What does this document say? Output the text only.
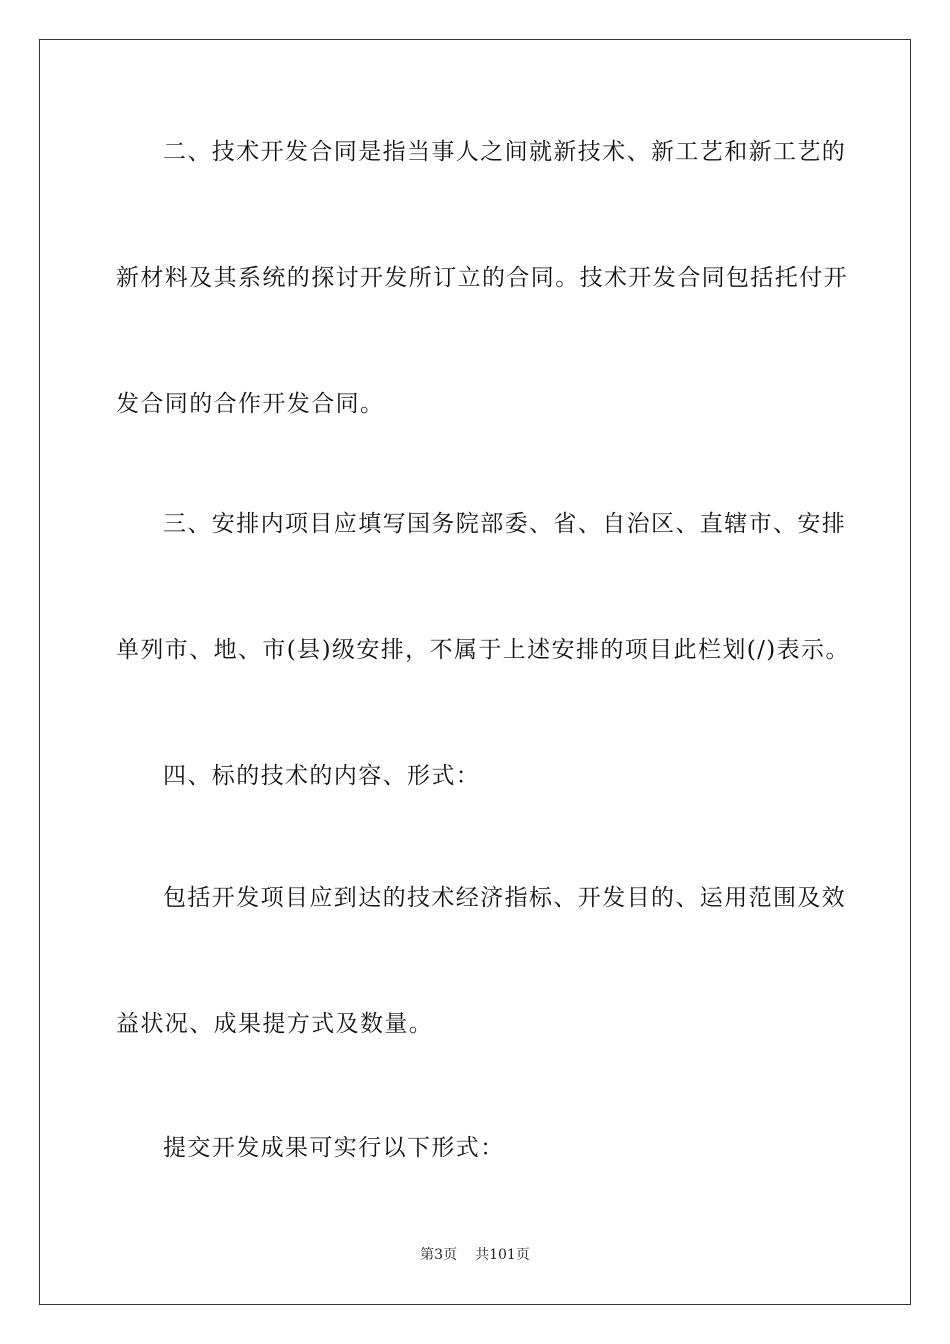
二、技术开发合同是指当事人之间就新技术、新工艺和新工艺的
新材料及其系统的探讨开发所订立的合同。技术开发合同包括托付开
发合同的合作开发合同。
三、安排内项目应填写国务院部委、省、自治区、直辖市、安排
单列市、地、市(县)级安排，不属于上述安排的项目此栏划(/)表示。
四、标的技术的内容、形式：
包括开发项目应到达的技术经济指标、开发目的、运用范围及效
益状况、成果提方式及数量。
提交开发成果可实行以下形式：
第3页 共101页
